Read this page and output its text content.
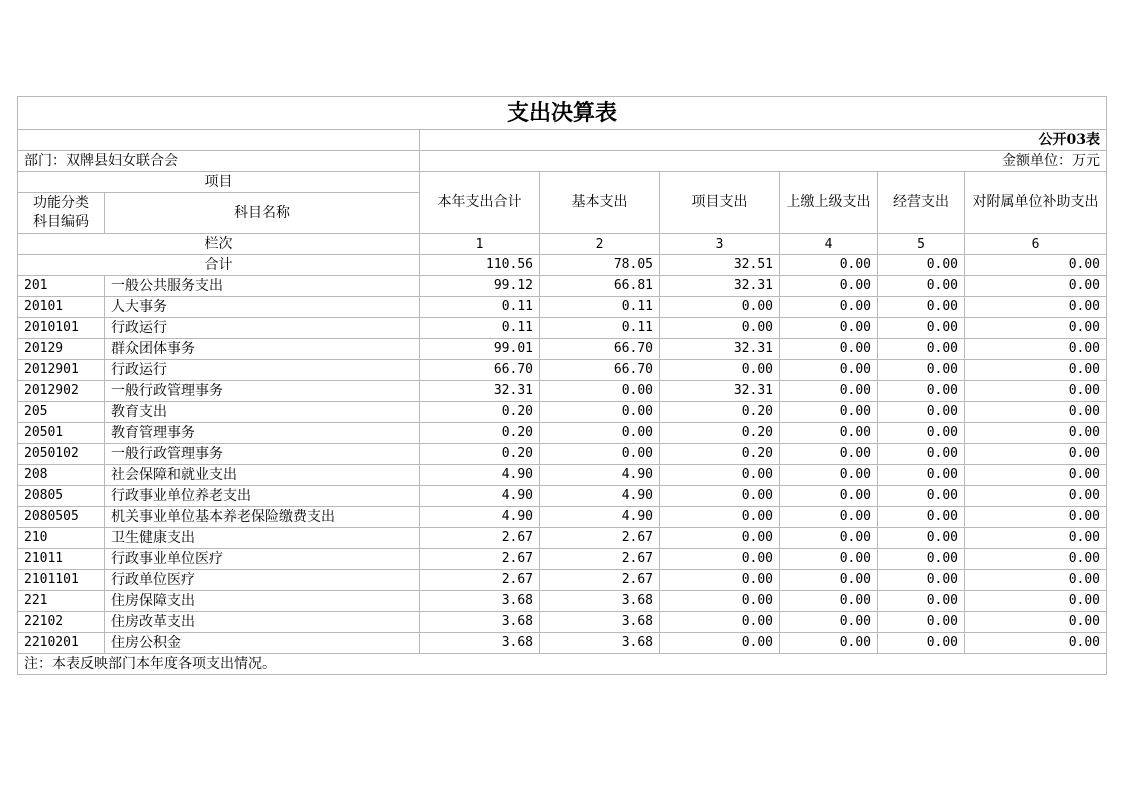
支出决算表							
		公开03表					
部门：双牌县妇女联合会		金额单位：万元					
项目		本年支出合计	基本支出	项目支出	上缴上级支出	经营支出	对附属单位补助支出
功能分类
科目编码	科目名称						
栏次		1	2	3	4	5	6
合计		110.56	78.05	32.51	0.00	0.00	0.00
201	一般公共服务支出	99.12	66.81	32.31	0.00	0.00	0.00
20101	人大事务	0.11	0.11	0.00	0.00	0.00	0.00
2010101	行政运行	0.11	0.11	0.00	0.00	0.00	0.00
20129	群众团体事务	99.01	66.70	32.31	0.00	0.00	0.00
2012901	行政运行	66.70	66.70	0.00	0.00	0.00	0.00
2012902	一般行政管理事务	32.31	0.00	32.31	0.00	0.00	0.00
205	教育支出	0.20	0.00	0.20	0.00	0.00	0.00
20501	教育管理事务	0.20	0.00	0.20	0.00	0.00	0.00
2050102	一般行政管理事务	0.20	0.00	0.20	0.00	0.00	0.00
208	社会保障和就业支出	4.90	4.90	0.00	0.00	0.00	0.00
20805	行政事业单位养老支出	4.90	4.90	0.00	0.00	0.00	0.00
2080505	机关事业单位基本养老保险缴费支出	4.90	4.90	0.00	0.00	0.00	0.00
210	卫生健康支出	2.67	2.67	0.00	0.00	0.00	0.00
21011	行政事业单位医疗	2.67	2.67	0.00	0.00	0.00	0.00
2101101	行政单位医疗	2.67	2.67	0.00	0.00	0.00	0.00
221	住房保障支出	3.68	3.68	0.00	0.00	0.00	0.00
22102	住房改革支出	3.68	3.68	0.00	0.00	0.00	0.00
2210201	住房公积金	3.68	3.68	0.00	0.00	0.00	0.00
注：本表反映部门本年度各项支出情况。							
